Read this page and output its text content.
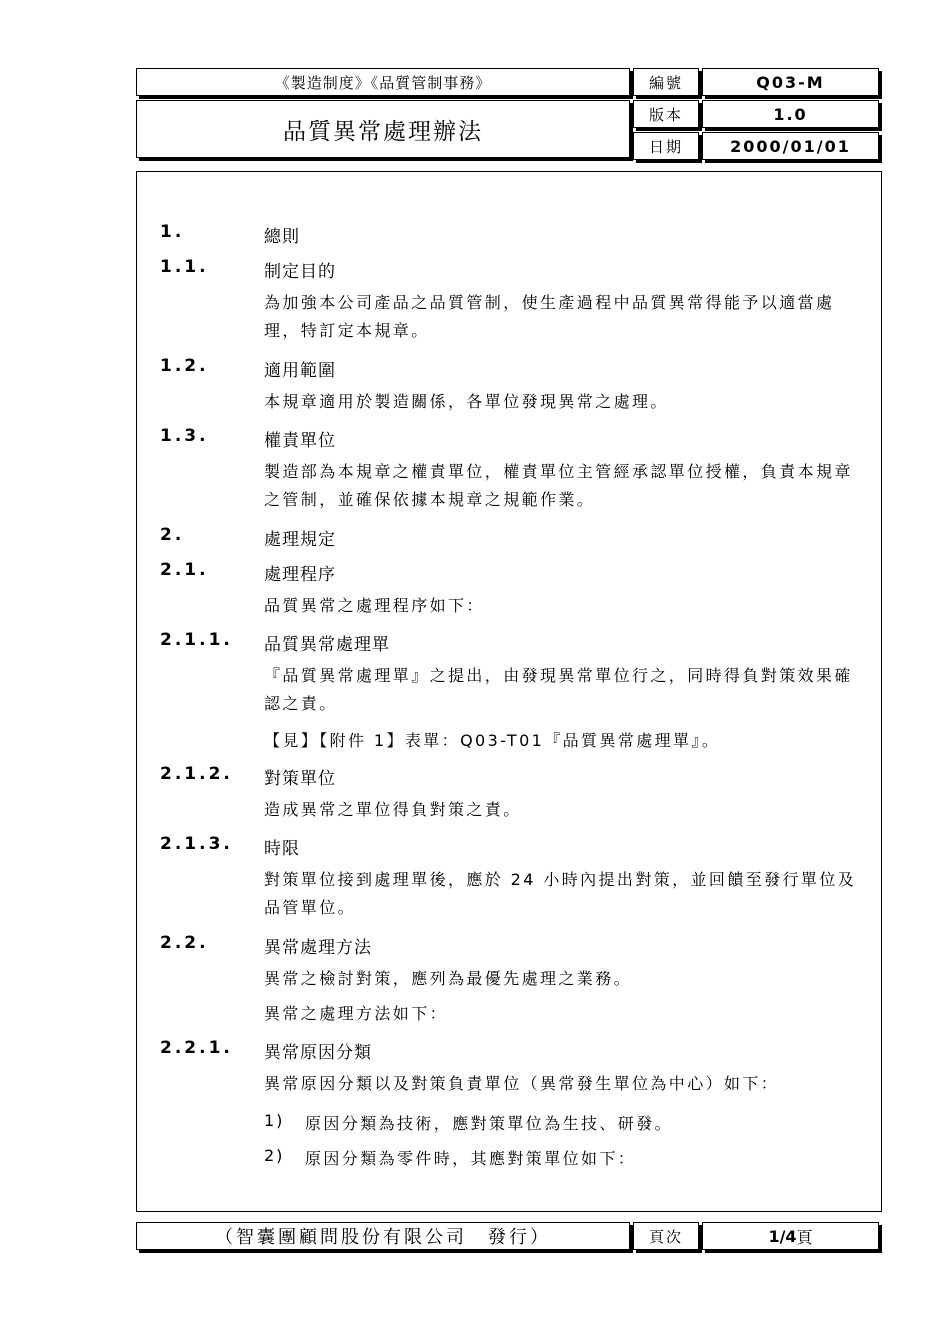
《製造制度》《品質管制事務》
品質異常處理辦法
編號	Q03-M
版本	1.0
日期	2000/01/01
1.	總則
1.1.	制定目的

為加強本公司產品之品質管制，使生產過程中品質異常得能予以適當處理，特訂定本規章。

1.2.	適用範圍

本規章適用於製造關係，各單位發現異常之處理。

1.3.	權責單位

製造部為本規章之權責單位，權責單位主管經承認單位授權，負責本規章之管制，並確保依據本規章之規範作業。

2.	處理規定
2.1.	處理程序

品質異常之處理程序如下：

2.1.1. 品質異常處理單

『品質異常處理單』之提出，由發現異常單位行之，同時得負對策效果確認之責。

【見】【附件 1】表單：Q03-T01『品質異常處理單』。

2.1.2. 對策單位

造成異常之單位得負對策之責。

2.1.3. 時限

對策單位接到處理單後，應於 24 小時內提出對策，並回饋至發行單位及品管單位。

2.2.	異常處理方法

異常之檢討對策，應列為最優先處理之業務。

異常之處理方法如下：

2.2.1. 異常原因分類

異常原因分類以及對策負責單位（異常發生單位為中心）如下：

1) 原因分類為技術，應對策單位為生技、研發。
2) 原因分類為零件時，其應對策單位如下：
（智囊團顧問股份有限公司　發行）	頁次	1/4 頁
